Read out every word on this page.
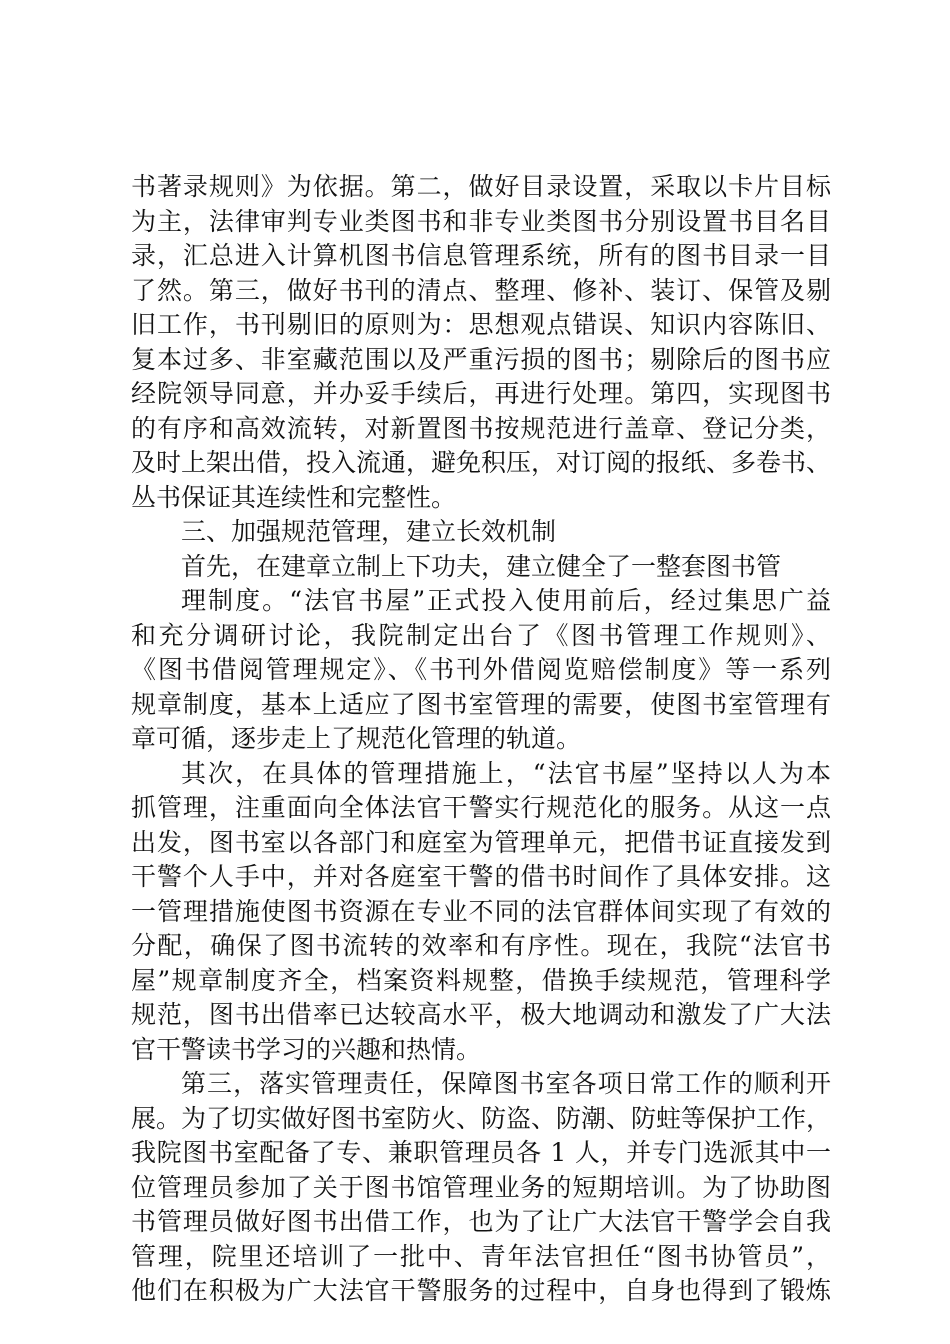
书著录规则》为依据。第二，做好目录设置，采取以卡片目标
为主，法律审判专业类图书和非专业类图书分别设置书目名目
录，汇总进入计算机图书信息管理系统，所有的图书目录一目
了然。第三，做好书刊的清点、整理、修补、装订、保管及剔
旧工作，书刊剔旧的原则为：思想观点错误、知识内容陈旧、
复本过多、非室藏范围以及严重污损的图书；剔除后的图书应
经院领导同意，并办妥手续后，再进行处理。第四，实现图书
的有序和高效流转，对新置图书按规范进行盖章、登记分类，
及时上架出借，投入流通，避免积压，对订阅的报纸、多卷书、
丛书保证其连续性和完整性。
三、加强规范管理，建立长效机制
首先，在建章立制上下功夫，建立健全了一整套图书管
理制度。“法官书屋”正式投入使用前后，经过集思广益
和充分调研讨论，我院制定出台了《图书管理工作规则》、
《图书借阅管理规定》、《书刊外借阅览赔偿制度》等一系列
规章制度，基本上适应了图书室管理的需要，使图书室管理有
章可循，逐步走上了规范化管理的轨道。
其次，在具体的管理措施上，“法官书屋”坚持以人为本
抓管理，注重面向全体法官干警实行规范化的服务。从这一点
出发，图书室以各部门和庭室为管理单元，把借书证直接发到
干警个人手中，并对各庭室干警的借书时间作了具体安排。这
一管理措施使图书资源在专业不同的法官群体间实现了有效的
分配，确保了图书流转的效率和有序性。现在，我院“法官书
屋”规章制度齐全，档案资料规整，借换手续规范，管理科学
规范，图书出借率已达较高水平，极大地调动和激发了广大法
官干警读书学习的兴趣和热情。
第三，落实管理责任，保障图书室各项日常工作的顺利开
展。为了切实做好图书室防火、防盗、防潮、防蛀等保护工作，
我院图书室配备了专、兼职管理员各 1 人，并专门选派其中一
位管理员参加了关于图书馆管理业务的短期培训。为了协助图
书管理员做好图书出借工作，也为了让广大法官干警学会自我
管理，院里还培训了一批中、青年法官担任“图书协管员”，
他们在积极为广大法官干警服务的过程中，自身也得到了锻炼
